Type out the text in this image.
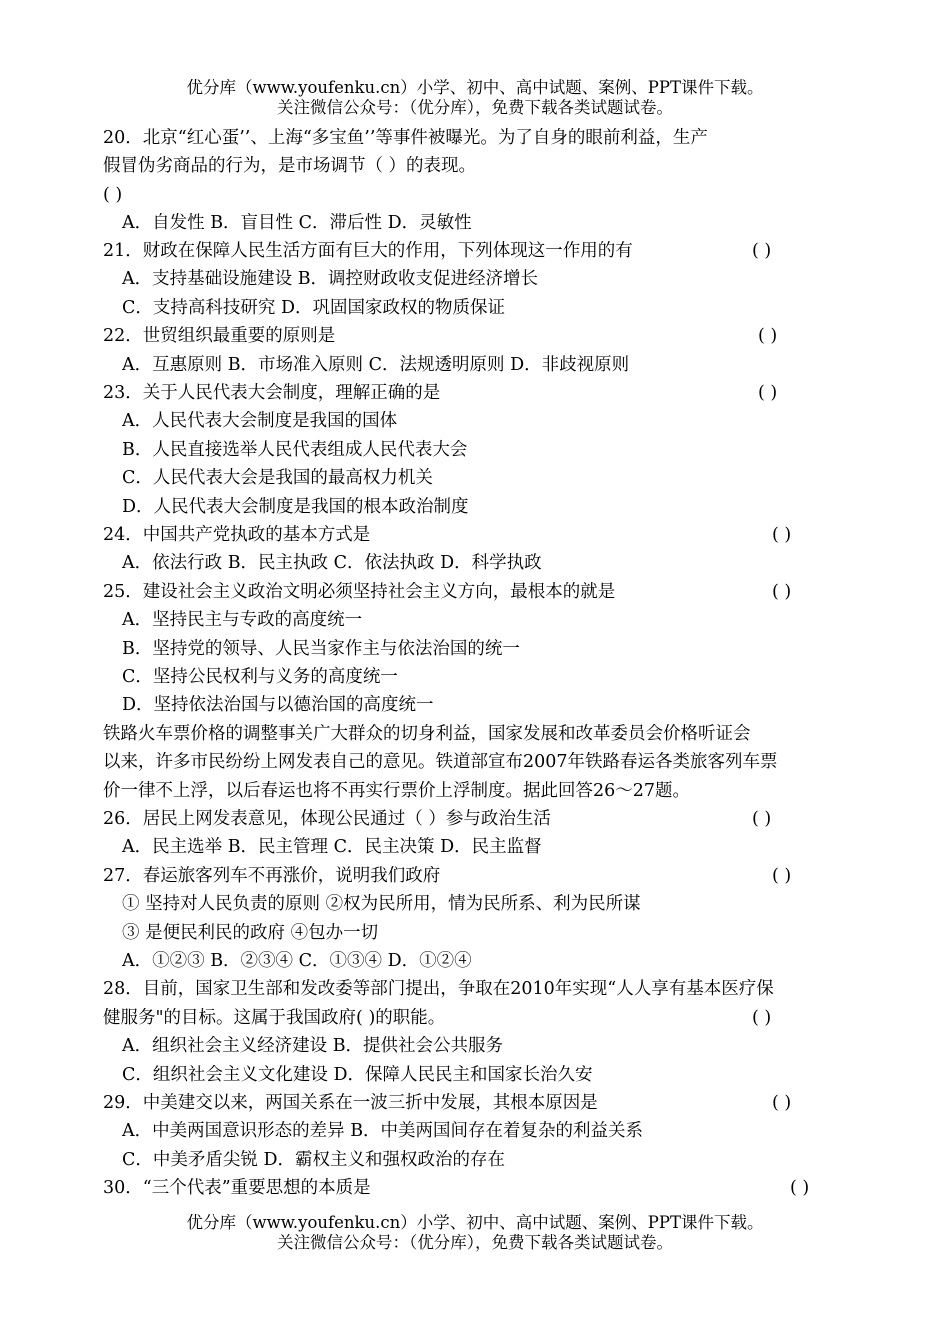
优分库（www.youfenku.cn）小学、初中、高中试题、案例、PPT课件下载。
关注微信公众号：（优分库），免费下载各类试题试卷。
20．北京“红心蛋’’、上海“多宝鱼’’等事件被曝光。为了自身的眼前利益，生产
假冒伪劣商品的行为，是市场调节（ ）的表现。
( )
A．自发性 B．盲目性 C．滞后性 D．灵敏性
21．财政在保障人民生活方面有巨大的作用，下列体现这一作用的有	( )
A．支持基础设施建设 B．调控财政收支促进经济增长
C．支持高科技研究 D．巩固国家政权的物质保证
22．世贸组织最重要的原则是	( )
A．互惠原则 B．市场准入原则 C．法规透明原则 D．非歧视原则
23．关于人民代表大会制度，理解正确的是	( )
A．人民代表大会制度是我国的国体
B．人民直接选举人民代表组成人民代表大会
C．人民代表大会是我国的最高权力机关
D．人民代表大会制度是我国的根本政治制度
24．中国共产党执政的基本方式是	( )
A．依法行政 B．民主执政 C．依法执政 D．科学执政
25．建设社会主义政治文明必须坚持社会主义方向，最根本的就是	( )
A．坚持民主与专政的高度统一
B．坚持党的领导、人民当家作主与依法治国的统一
C．坚持公民权利与义务的高度统一
D．坚持依法治国与以德治国的高度统一
铁路火车票价格的调整事关广大群众的切身利益，国家发展和改革委员会价格听证会
以来，许多市民纷纷上网发表自己的意见。铁道部宣布2007年铁路春运各类旅客列车票
价一律不上浮，以后春运也将不再实行票价上浮制度。据此回答26～27题。
26．居民上网发表意见，体现公民通过（ ）参与政治生活	( )
A．民主选举 B．民主管理 C．民主决策 D．民主监督
27．春运旅客列车不再涨价，说明我们政府	( )
① 坚持对人民负责的原则 ②权为民所用，情为民所系、利为民所谋
③ 是便民利民的政府 ④包办一切
A．①②③ B．②③④ C．①③④ D．①②④
28．目前，国家卫生部和发改委等部门提出，争取在2010年实现“人人享有基本医疗保
健服务"的目标。这属于我国政府( )的职能。	( )
A．组织社会主义经济建设 B．提供社会公共服务
C．组织社会主义文化建设 D．保障人民民主和国家长治久安
29．中美建交以来，两国关系在一波三折中发展，其根本原因是	( )
A．中美两国意识形态的差异 B．中美两国间存在着复杂的利益关系
C．中美矛盾尖锐 D．霸权主义和强权政治的存在
30．“三个代表”重要思想的本质是	( )
优分库（www.youfenku.cn）小学、初中、高中试题、案例、PPT课件下载。
关注微信公众号：（优分库），免费下载各类试题试卷。
